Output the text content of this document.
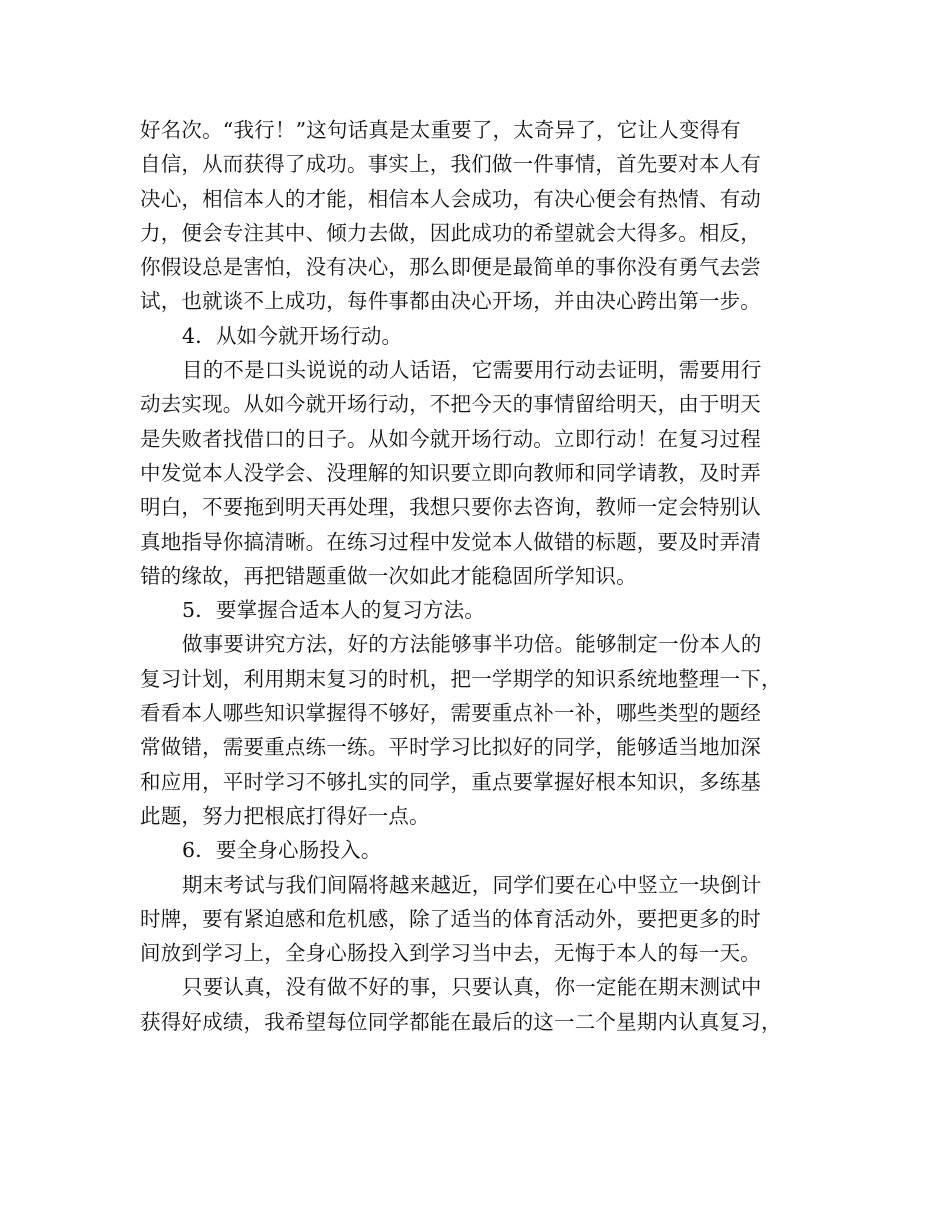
好名次。“我行！”这句话真是太重要了，太奇异了，它让人变得有
自信，从而获得了成功。事实上，我们做一件事情，首先要对本人有
决心，相信本人的才能，相信本人会成功，有决心便会有热情、有动
力，便会专注其中、倾力去做，因此成功的希望就会大得多。相反，
你假设总是害怕，没有决心，那么即便是最简单的事你没有勇气去尝
试，也就谈不上成功，每件事都由决心开场，并由决心跨出第一步。
4．从如今就开场行动。
目的不是口头说说的动人话语，它需要用行动去证明，需要用行
动去实现。从如今就开场行动，不把今天的事情留给明天，由于明天
是失败者找借口的日子。从如今就开场行动。立即行动！在复习过程
中发觉本人没学会、没理解的知识要立即向教师和同学请教，及时弄
明白，不要拖到明天再处理，我想只要你去咨询，教师一定会特别认
真地指导你搞清晰。在练习过程中发觉本人做错的标题，要及时弄清
错的缘故，再把错题重做一次如此才能稳固所学知识。
5．要掌握合适本人的复习方法。
做事要讲究方法，好的方法能够事半功倍。能够制定一份本人的
复习计划，利用期末复习的时机，把一学期学的知识系统地整理一下，
看看本人哪些知识掌握得不够好，需要重点补一补，哪些类型的题经
常做错，需要重点练一练。平时学习比拟好的同学，能够适当地加深
和应用，平时学习不够扎实的同学，重点要掌握好根本知识，多练基
此题，努力把根底打得好一点。
6．要全身心肠投入。
期末考试与我们间隔将越来越近，同学们要在心中竖立一块倒计
时牌，要有紧迫感和危机感，除了适当的体育活动外，要把更多的时
间放到学习上，全身心肠投入到学习当中去，无悔于本人的每一天。
只要认真，没有做不好的事，只要认真，你一定能在期末测试中
获得好成绩，我希望每位同学都能在最后的这一二个星期内认真复习，
